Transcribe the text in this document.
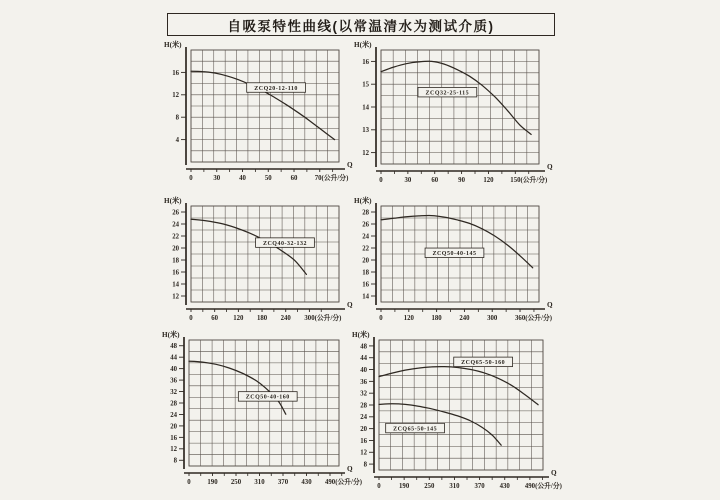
自吸泵特性曲线(以常温清水为测试介质)
4
8
12
16
H(米)
0	30	40	50	60	70(公升/分)
Q
ZCQ20-12-110
12
13
14
15
16
H(米)
0	30	60	90	120 150(公升/分)
Q
ZCQ32-25-115
12
14
16
18
20
22
24
26
H(米)
0	60 120 180 240 300(公升/分)
Q
ZCQ40-32-132
14
16
18
20
22
24
26
28
H(米)
0	120	180	240	300	360(公升/分)
Q
ZCQ50-40-145
8
12
16
20
24
28
32
36
40
44
48
H(米)
0 190 250 310 370 430 490(公升/分)
Q
ZCQ50-40-160
8
12
16
20
24
28
32
36
40
44
48
H(米)
0	190 250 310 370 430 490(公升/分)
Q
ZCQ65-50-160
ZCQ65-50-145
